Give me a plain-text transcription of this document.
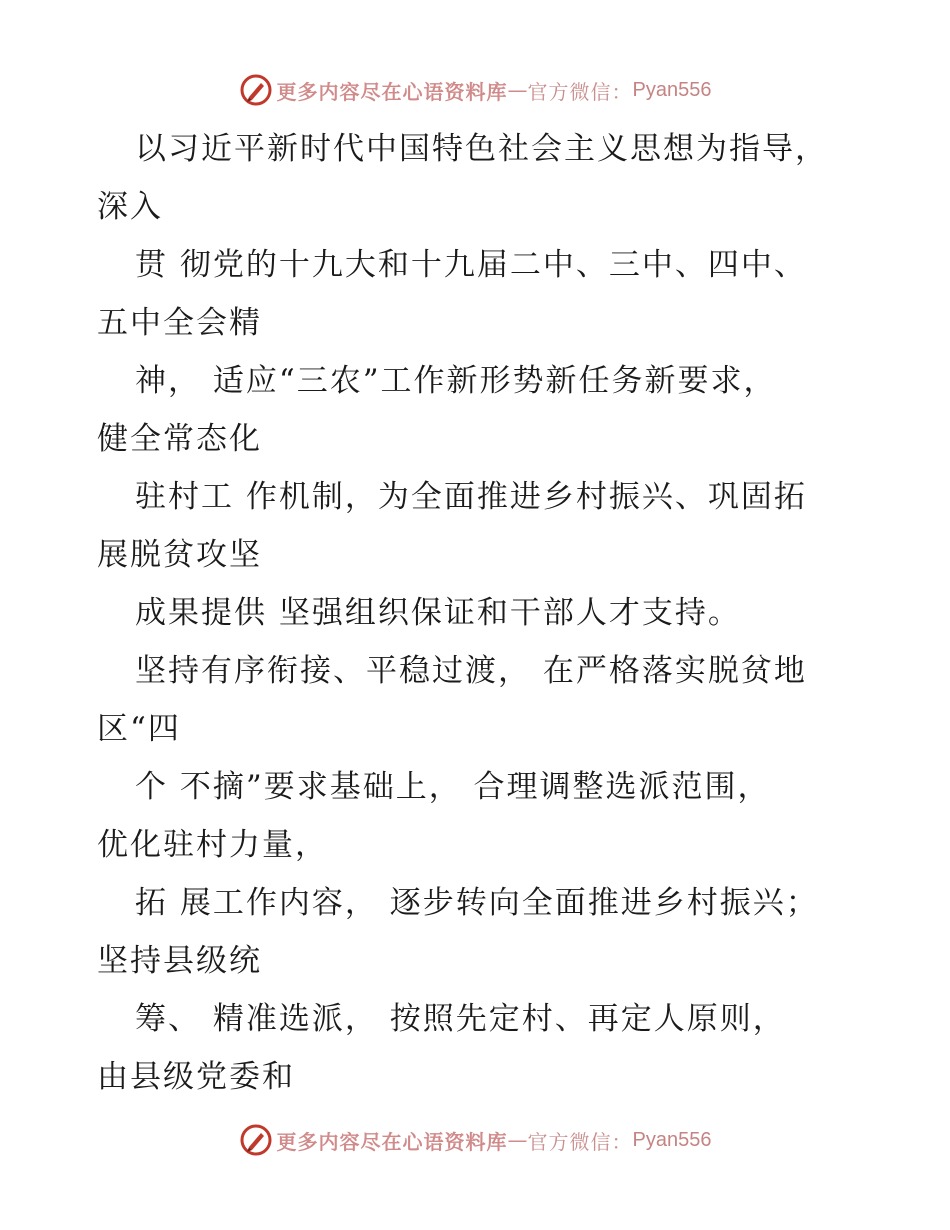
更多内容尽在心语资料库 — 官方微信： Pyan556
以习近平新时代中国特色社会主义思想为指导，
深入
贯 彻党的十九大和十九届二中、三中、四中、
五中全会精
神， 适应“三农”工作新形势新任务新要求，
健全常态化
驻村工 作机制，为全面推进乡村振兴、巩固拓
展脱贫攻坚
成果提供 坚强组织保证和干部人才支持。
坚持有序衔接、平稳过渡， 在严格落实脱贫地
区“四
个 不摘”要求基础上， 合理调整选派范围，
优化驻村力量，
拓 展工作内容， 逐步转向全面推进乡村振兴；
坚持县级统
筹、 精准选派， 按照先定村、再定人原则，
由县级党委和
更多内容尽在心语资料库 — 官方微信： Pyan556
